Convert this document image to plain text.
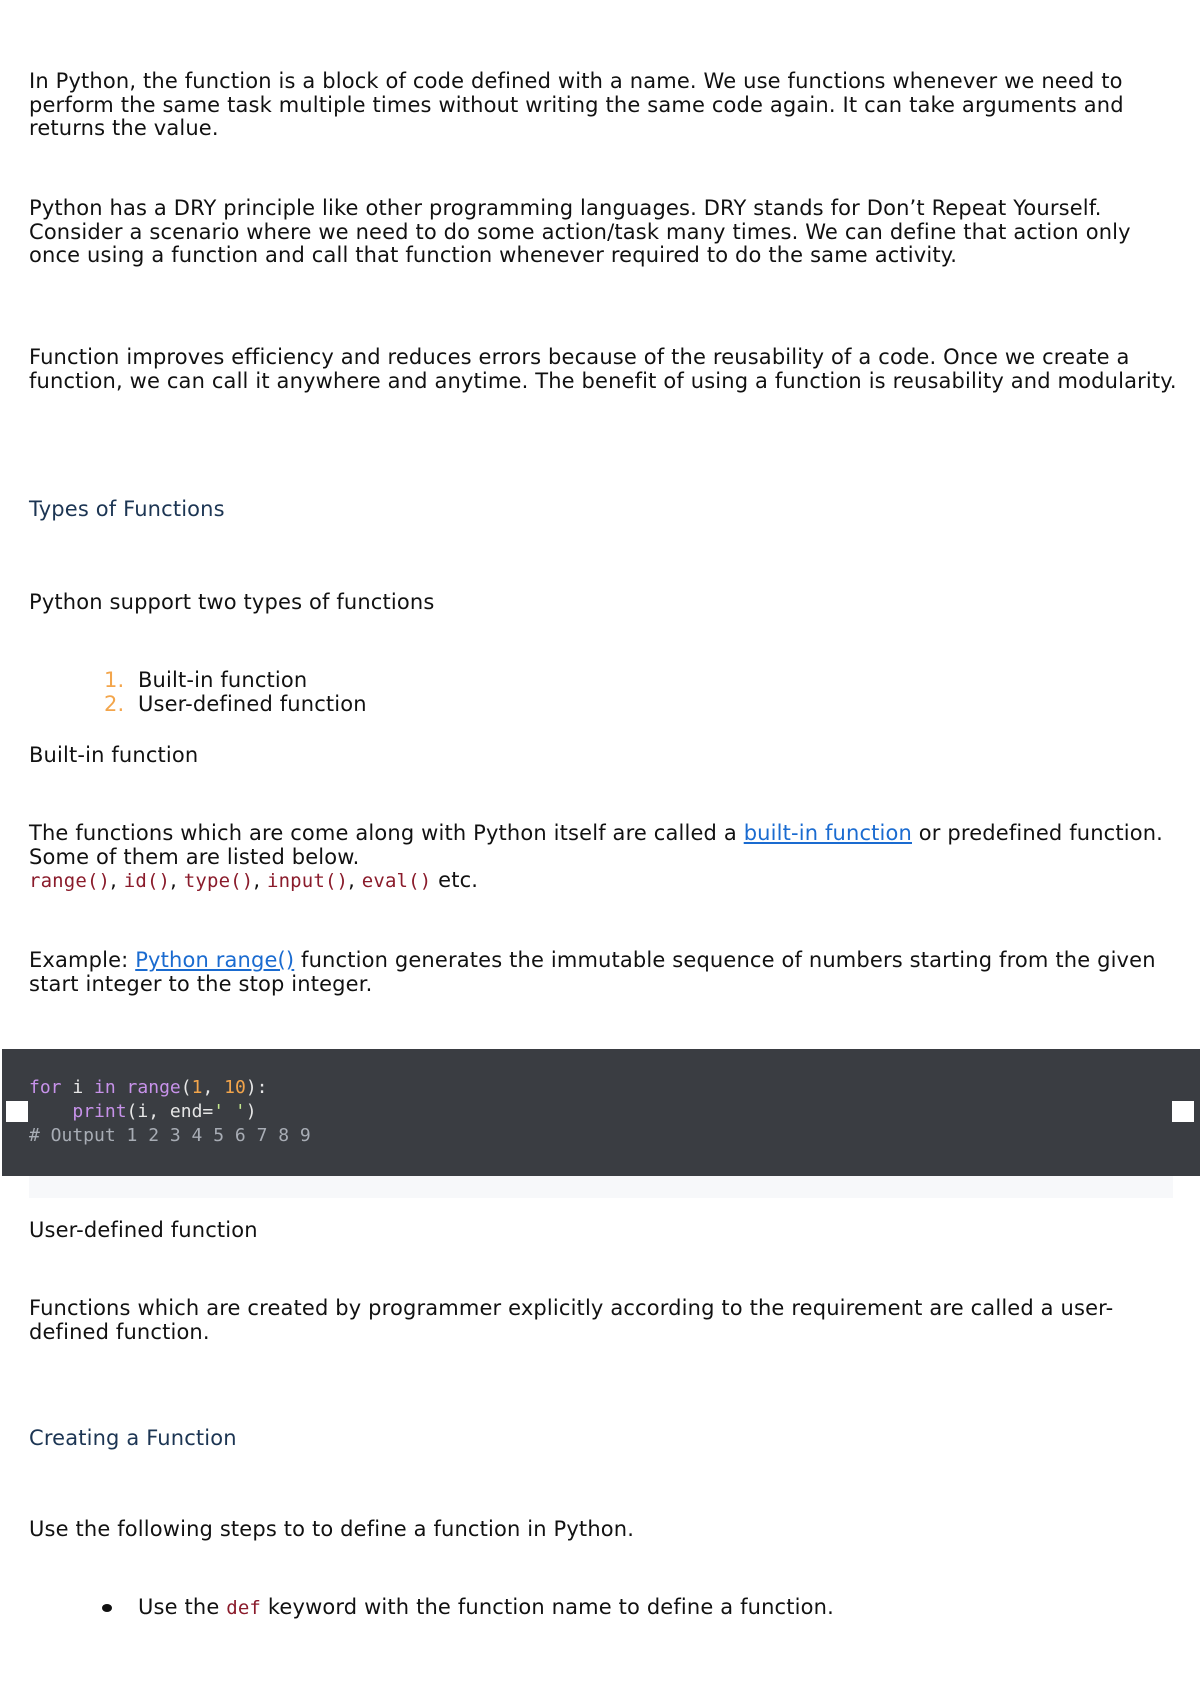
In Python, the function is a block of code defined with a name. We use functions whenever we need to perform the same task multiple times without writing the same code again. It can take arguments and returns the value.

Python has a DRY principle like other programming languages. DRY stands for Don’t Repeat Yourself. Consider a scenario where we need to do some action/task many times. We can define that action only once using a function and call that function whenever required to do the same activity.

Function improves efficiency and reduces errors because of the reusability of a code. Once we create a function, we can call it anywhere and anytime. The benefit of using a function is reusability and modularity.

Types of Functions

Python support two types of functions

1. Built-in function
2. User-defined function

Built-in function

The functions which are come along with Python itself are called a built-in function or predefined function. Some of them are listed below.
range(), id(), type(), input(), eval() etc.

Example: Python range() function generates the immutable sequence of numbers starting from the given start integer to the stop integer.

for i in range(1, 10):
print(i, end=' ')
# Output 1 2 3 4 5 6 7 8 9

User-defined function

Functions which are created by programmer explicitly according to the requirement are called a user-defined function.

Creating a Function

Use the following steps to to define a function in Python.

Use the def keyword with the function name to define a function.
